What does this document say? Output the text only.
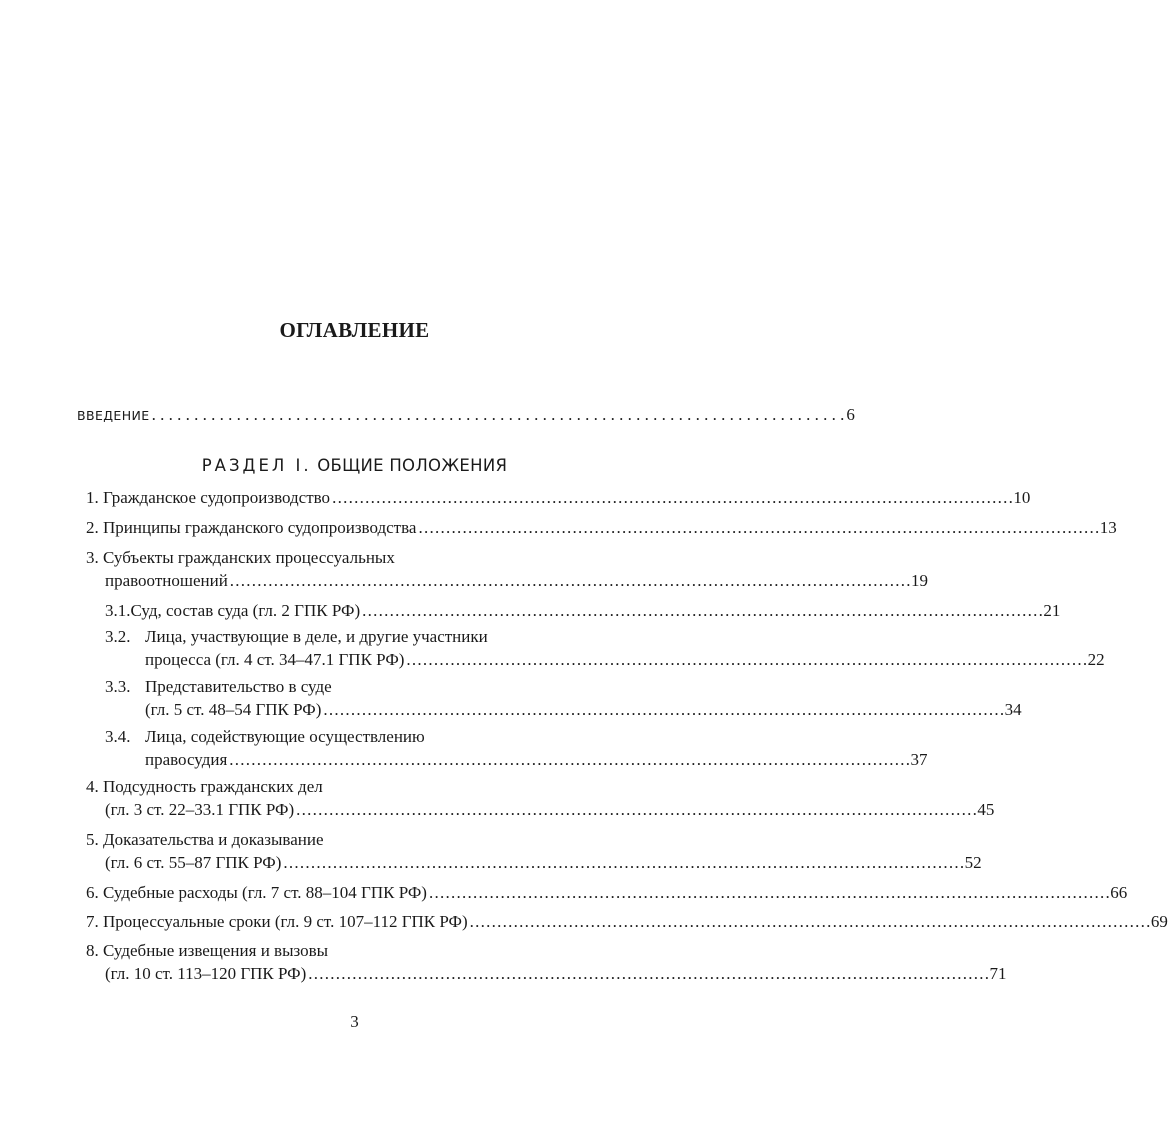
ОГЛАВЛЕНИЕ
ВВЕДЕНИЕ . . . . . . . . . . . . . . . . . . . . . . . . . . . . . . . . . . . . . . . . . . . . . . . . . . . . . . . . . . . . . . . . . . . . . . . . . . . . . . . . . . 6
РАЗДЕЛ I. ОБЩИЕ ПОЛОЖЕНИЯ
1.
Гражданское судопроизводство . . .	10
2.
Принципы гражданского судопроизводства . . .	13
3. Субъекты гражданских процессуальных
правоотношений . . .	19
3.1. Суд, состав суда (гл. 2 ГПК РФ) . . .	21
3.2. Лица, участвующие в деле, и другие участники
процесса (гл. 4 ст. 34–47.1 ГПК РФ) . . .	22
3.3. Представительство в суде
(гл. 5 ст. 48–54 ГПК РФ) . . .	34
3.4. Лица, содействующие осуществлению
правосудия . . .	37
4. Подсудность гражданских дел
(гл. 3 ст. 22–33.1 ГПК РФ) . . .	45
5. Доказательства и доказывание
(гл. 6 ст. 55–87 ГПК РФ) . . .	52
6.
Судебные расходы (гл. 7 ст. 88–104 ГПК РФ) . . .	66
7.
Процессуальные сроки (гл. 9 ст. 107–112 ГПК РФ) . . .	69
8. Судебные извещения и вызовы
(гл. 10 ст. 113–120 ГПК РФ) . . .	71
3
